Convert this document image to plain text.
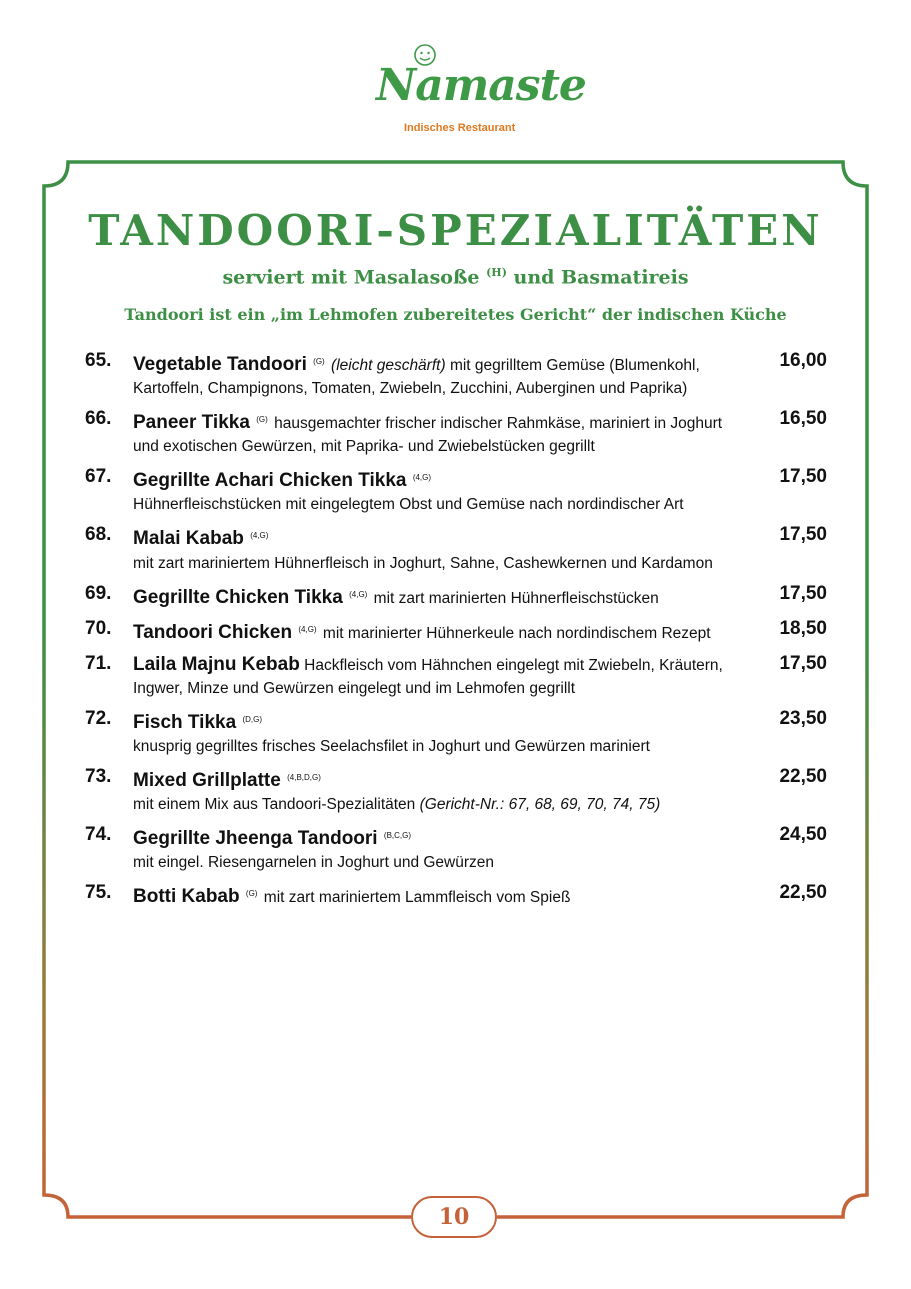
Namaste
Indisches Restaurant
TANDOORI-SPEZIALITÄTEN
serviert mit Masalasoße $^{(H)}$ und Basmatireis
Tandoori ist ein „im Lehmofen zubereitetes Gericht“ der indischen Küche
65. Vegetable Tandoori $^{(G)}$ (leicht geschärft) mit gegrilltem Gemüse (Blumenkohl, Kartoffeln, Champignons, Tomaten, Zwiebeln, Zucchini, Auberginen und Paprika)
16,00
66. Paneer Tikka $^{(G)}$ hausgemachter frischer indischer Rahmkäse, mariniert in Joghurt und exotischen Gewürzen, mit Paprika- und Zwiebelstücken gegrillt
16,50
67. Gegrillte Achari Chicken Tikka $^{(4,G)}$
Hühnerfleischstücken mit eingelegtem Obst und Gemüse nach nordindischer Art
17,50
68. Malai Kabab $^{(4,G)}$
mit zart mariniertem Hühnerfleisch in Joghurt, Sahne, Cashewkernen und Kardamon
17,50
69. Gegrillte Chicken Tikka $^{(4,G)}$ mit zart marinierten Hühnerfleischstücken	17,50
70. Tandoori Chicken $^{(4,G)}$ mit marinierter Hühnerkeule nach nordindischem Rezept	18,50
71. Laila Majnu Kebab Hackfleisch vom Hähnchen eingelegt mit Zwiebeln, Kräutern, Ingwer, Minze und Gewürzen eingelegt und im Lehmofen gegrillt
17,50
72. Fisch Tikka $^{(D,G)}$
knusprig gegrilltes frisches Seelachsfilet in Joghurt und Gewürzen mariniert
23,50
73. Mixed Grillplatte $^{(4,B,D,G)}$
mit einem Mix aus Tandoori-Spezialitäten (Gericht-Nr.: 67, 68, 69, 70, 74, 75)
22,50
74. Gegrillte Jheenga Tandoori $^{(B,C,G)}$
mit eingel. Riesengarnelen in Joghurt und Gewürzen
24,50
75. Botti Kabab $^{(G)}$ mit zart mariniertem Lammfleisch vom Spieß	22,50
10
